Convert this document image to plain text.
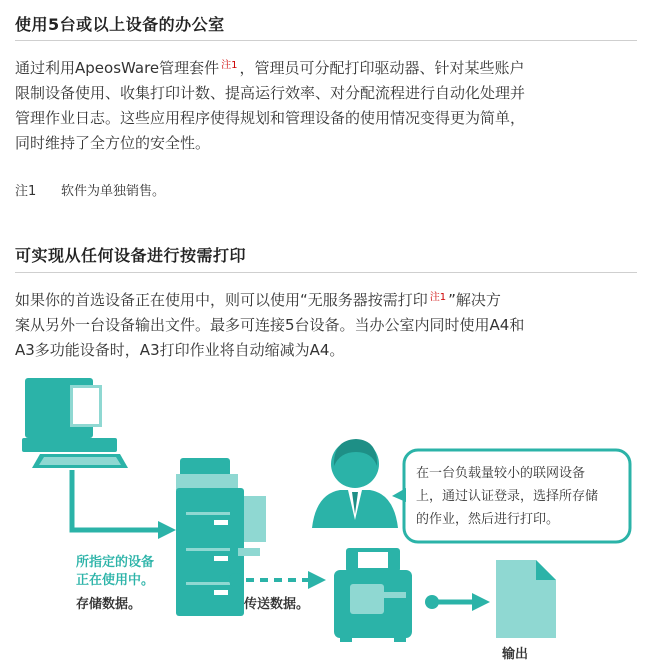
使用5台或以上设备的办公室
通过利用ApeosWare管理套件 $^{注1}$ ，管理员可分配打印驱动器、针对某些账户
限制设备使用、收集打印计数、提高运行效率、对分配流程进行自动化处理并
管理作业日志。这些应用程序使得规划和管理设备的使用情况变得更为简单，
同时维持了全方位的安全性。
注1 软件为单独销售。
可实现从任何设备进行按需打印
如果你的首选设备正在使用中，则可以使用“无服务器按需打印 $^{注1}$ ”解决方
案从另外一台设备输出文件。最多可连接5台设备。当办公室内同时使用A4和
A3多功能设备时，A3打印作业将自动缩减为A4。
在一台负载量较小的联网设备
上，通过认证登录，选择所存储
的作业，然后进行打印。
所指定的设备
正在使用中。
存储数据。	传送数据。
输出
